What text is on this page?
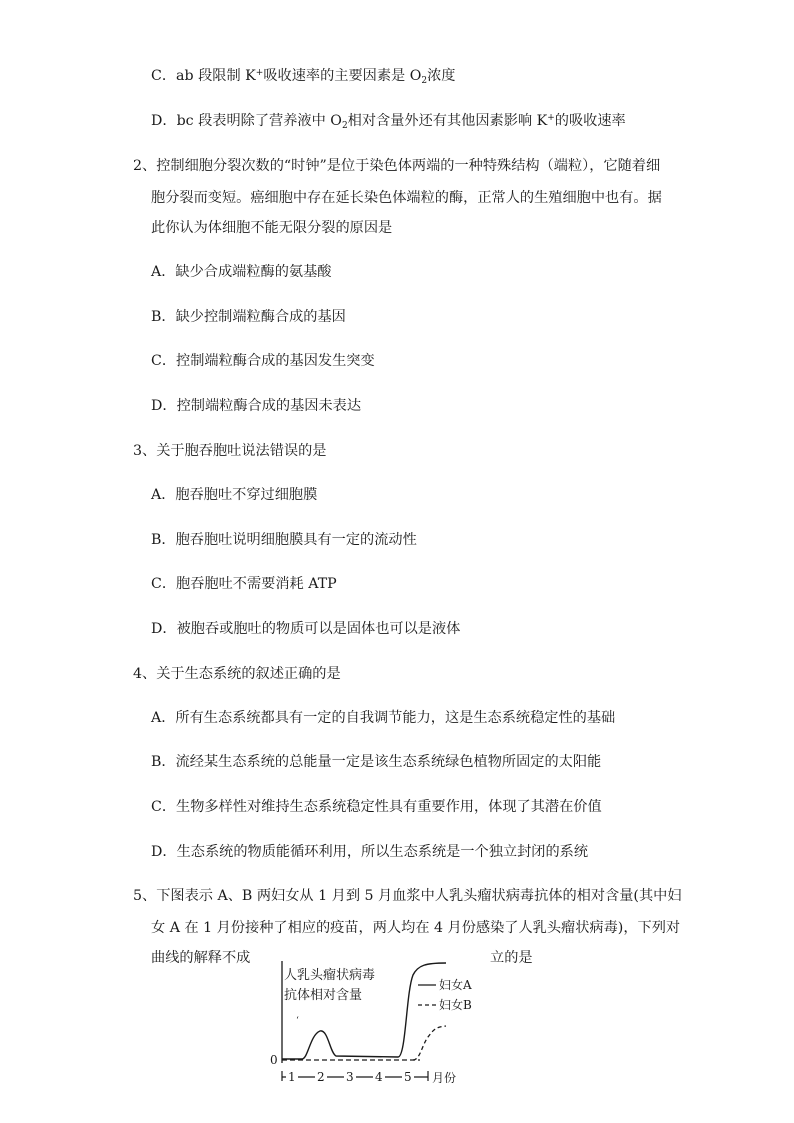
C．ab 段限制 K+吸收速率的主要因素是 $O_2$浓度
D．bc 段表明除了营养液中 $O_2$相对含量外还有其他因素影响 K+的吸收速率
2、控制细胞分裂次数的“时钟”是位于染色体两端的一种特殊结构（端粒），它随着细
胞分裂而变短。癌细胞中存在延长染色体端粒的酶，正常人的生殖细胞中也有。据
此你认为体细胞不能无限分裂的原因是
A．缺少合成端粒酶的氨基酸
B．缺少控制端粒酶合成的基因
C．控制端粒酶合成的基因发生突变
D．控制端粒酶合成的基因未表达
3、关于胞吞胞吐说法错误的是
A．胞吞胞吐不穿过细胞膜
B．胞吞胞吐说明细胞膜具有一定的流动性
C．胞吞胞吐不需要消耗 ATP
D．被胞吞或胞吐的物质可以是固体也可以是液体
4、关于生态系统的叙述正确的是
A．所有生态系统都具有一定的自我调节能力，这是生态系统稳定性的基础
B．流经某生态系统的总能量一定是该生态系统绿色植物所固定的太阳能
C．生物多样性对维持生态系统稳定性具有重要作用，体现了其潜在价值
D．生态系统的物质能循环利用，所以生态系统是一个独立封闭的系统
5、下图表示 A、B 两妇女从 1 月到 5 月血浆中人乳头瘤状病毒抗体的相对含量(其中妇
女 A 在 1 月份接种了相应的疫苗，两人均在 4 月份感染了人乳头瘤状病毒)，下列对
曲线的解释不成	立的是
‘
人乳头瘤状病毒
抗体相对含量
妇女A
妇女B
0
1 2 3 4 5 月份
